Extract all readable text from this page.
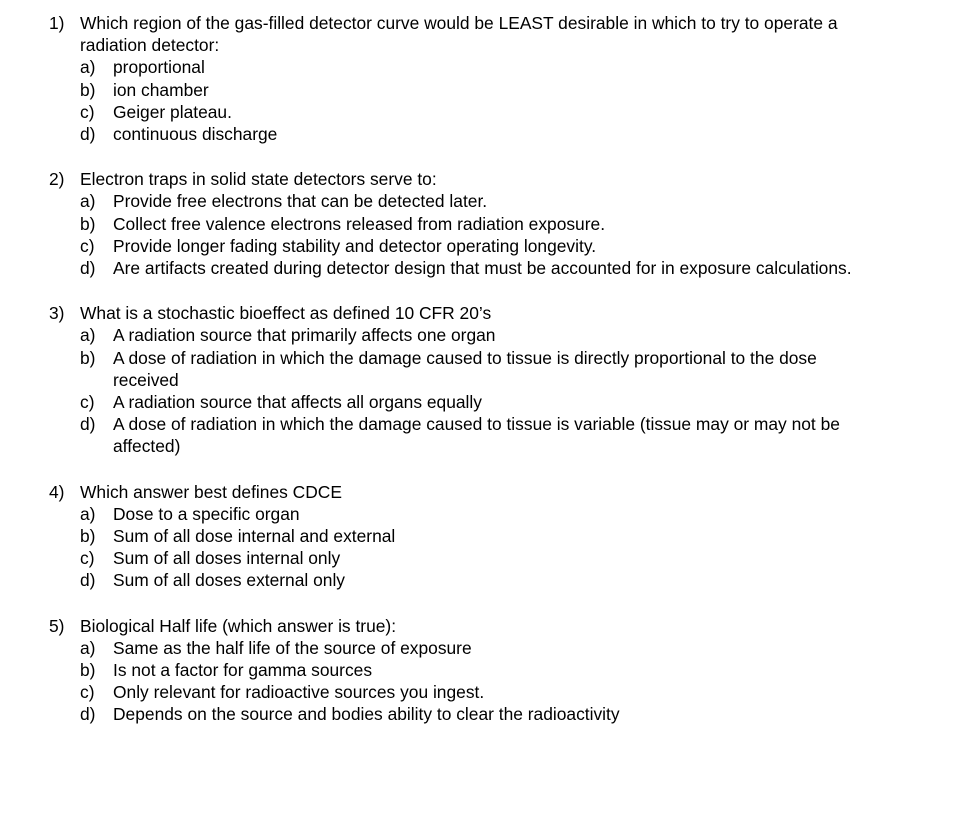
1) Which region of the gas-filled detector curve would be LEAST desirable in which to try to operate a radiation detector:
a) proportional
b) ion chamber
c) Geiger plateau.
d) continuous discharge
2) Electron traps in solid state detectors serve to:
a) Provide free electrons that can be detected later.
b) Collect free valence electrons released from radiation exposure.
c) Provide longer fading stability and detector operating longevity.
d) Are artifacts created during detector design that must be accounted for in exposure calculations.
3) What is a stochastic bioeffect as defined 10 CFR 20’s
a) A radiation source that primarily affects one organ
b) A dose of radiation in which the damage caused to tissue is directly proportional to the dose received
c) A radiation source that affects all organs equally
d) A dose of radiation in which the damage caused to tissue is variable (tissue may or may not be affected)
4) Which answer best defines CDCE
a) Dose to a specific organ
b) Sum of all dose internal and external
c) Sum of all doses internal only
d) Sum of all doses external only
5) Biological Half life (which answer is true):
a) Same as the half life of the source of exposure
b) Is not a factor for gamma sources
c) Only relevant for radioactive sources you ingest.
d) Depends on the source and bodies ability to clear the radioactivity
